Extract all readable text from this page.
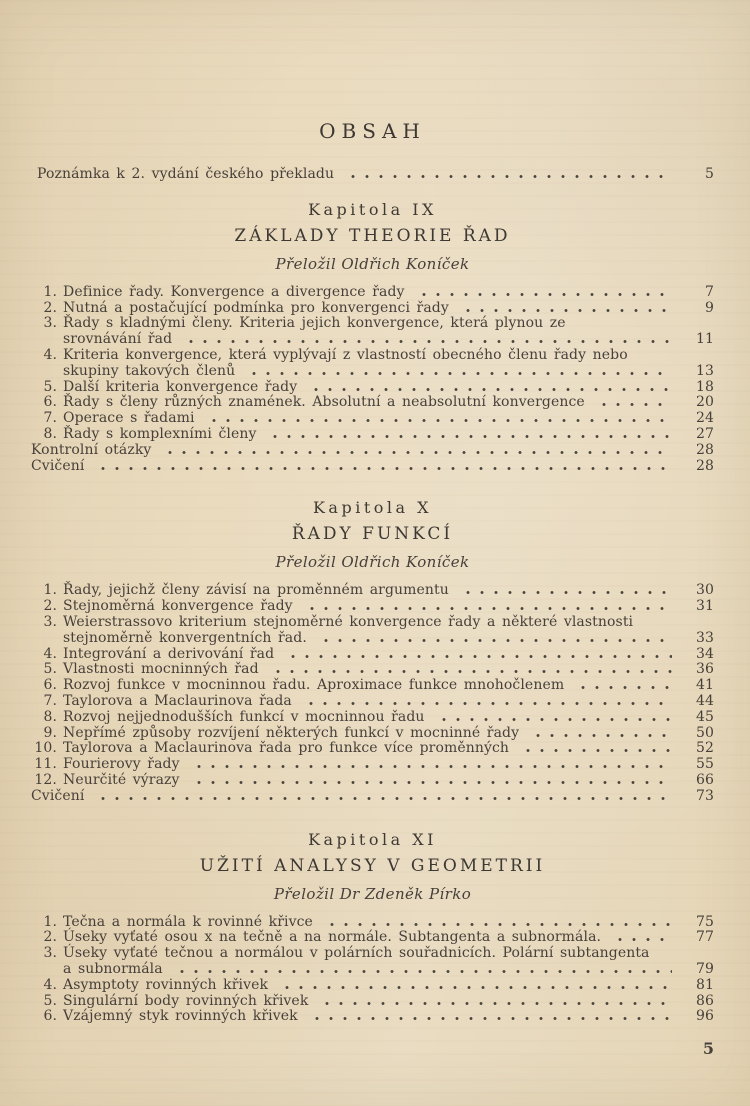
OBSAH
Poznámka k 2. vydání českého překladu	5
Kapitola IX
ZÁKLADY THEORIE ŘAD
Přeložil Oldřich Koníček
1. Definice řady. Konvergence a divergence řady	7
2. Nutná a postačující podmínka pro konvergenci řady	9
3. Řady s kladnými členy. Kriteria jejich konvergence, která plynou ze
srovnávání řad	11
4. Kriteria konvergence, která vyplývají z vlastností obecného členu řady nebo
skupiny takových členů	13
5. Další kriteria konvergence řady	18
6. Řady s členy různých znamének. Absolutní a neabsolutní konvergence	20
7. Operace s řadami	24
8. Řady s komplexními členy	27
Kontrolní otázky	28
Cvičení	28
Kapitola X
ŘADY FUNKCÍ
Přeložil Oldřich Koníček
1. Řady, jejichž členy závisí na proměnném argumentu	30
2. Stejnoměrná konvergence řady	31
3. Weierstrassovo kriterium stejnoměrné konvergence řady a některé vlastnosti
stejnoměrně konvergentních řad.	33
4. Integrování a derivování řad	34
5. Vlastnosti mocninných řad	36
6. Rozvoj funkce v mocninnou řadu. Aproximace funkce mnohočlenem	41
7. Taylorova a Maclaurinova řada	44
8. Rozvoj nejjednodušších funkcí v mocninnou řadu	45
9. Nepřímé způsoby rozvíjení některých funkcí v mocninné řady	50
10. Taylorova a Maclaurinova řada pro funkce více proměnných	52
11. Fourierovy řady	55
12. Neurčité výrazy	66
Cvičení	73
Kapitola XI
UŽITÍ ANALYSY V GEOMETRII
Přeložil Dr Zdeněk Pírko
1. Tečna a normála k rovinné křivce	75
2. Úseky vyťaté osou x na tečně a na normále. Subtangenta a subnormála.	77
3. Úseky vyťaté tečnou a normálou v polárních souřadnicích. Polární subtangenta
a subnormála	79
4. Asymptoty rovinných křivek	81
5. Singulární body rovinných křivek	86
6. Vzájemný styk rovinných křivek	96
5
